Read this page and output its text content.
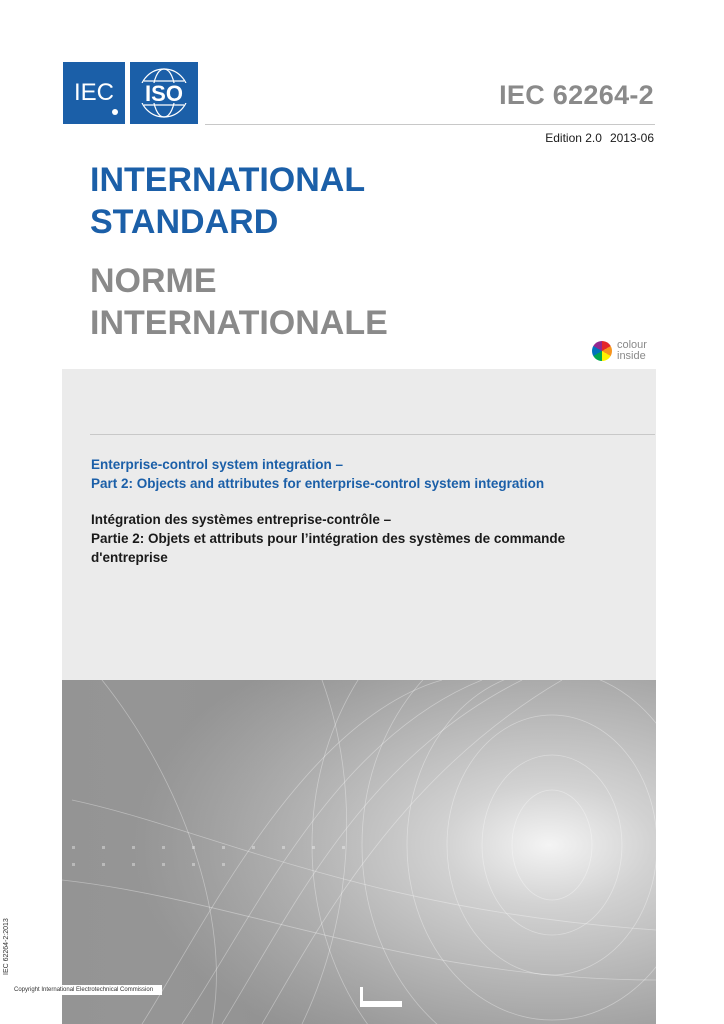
IEC ISO	IEC 62264-2
Edition 2.0 2013-06
INTERNATIONAL
STANDARD
NORME
INTERNATIONALE
colour
inside
Enterprise-control system integration –
Part 2: Objects and attributes for enterprise-control system integration
Intégration des systèmes entreprise-contrôle –
Partie 2: Objets et attributs pour l’intégration des systèmes de commande
d'entreprise
IEC 62264-2:2013
Copyright International Electrotechnical Commission
